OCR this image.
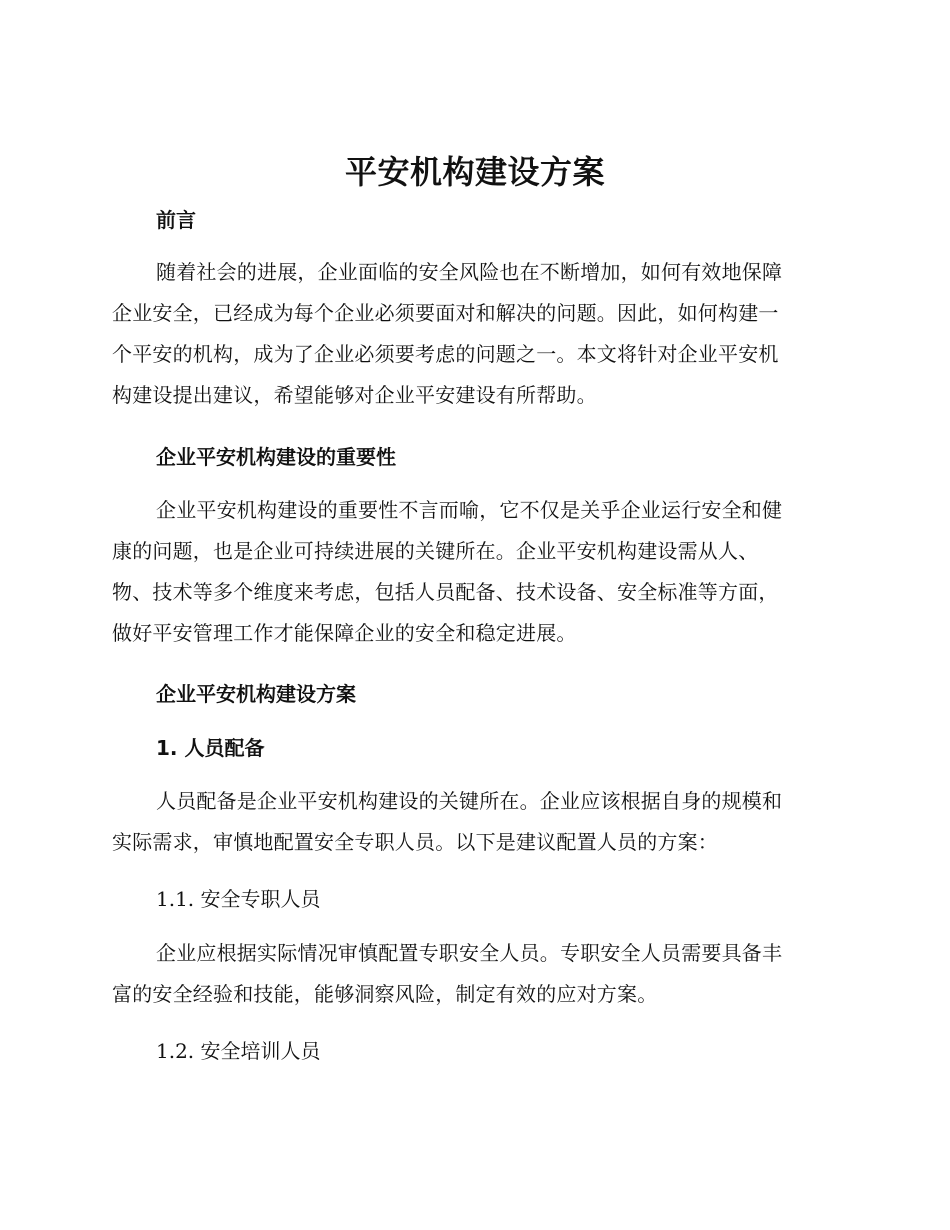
平安机构建设方案
前言
随着社会的进展，企业面临的安全风险也在不断增加，如何有效地保障
企业安全，已经成为每个企业必须要面对和解决的问题。因此，如何构建一
个平安的机构，成为了企业必须要考虑的问题之一。本文将针对企业平安机
构建设提出建议，希望能够对企业平安建设有所帮助。
企业平安机构建设的重要性
企业平安机构建设的重要性不言而喻，它不仅是关乎企业运行安全和健
康的问题，也是企业可持续进展的关键所在。企业平安机构建设需从人、
物、技术等多个维度来考虑，包括人员配备、技术设备、安全标准等方面，
做好平安管理工作才能保障企业的安全和稳定进展。
企业平安机构建设方案
1. 人员配备
人员配备是企业平安机构建设的关键所在。企业应该根据自身的规模和
实际需求，审慎地配置安全专职人员。以下是建议配置人员的方案：
1.1. 安全专职人员
企业应根据实际情况审慎配置专职安全人员。专职安全人员需要具备丰
富的安全经验和技能，能够洞察风险，制定有效的应对方案。
1.2. 安全培训人员
